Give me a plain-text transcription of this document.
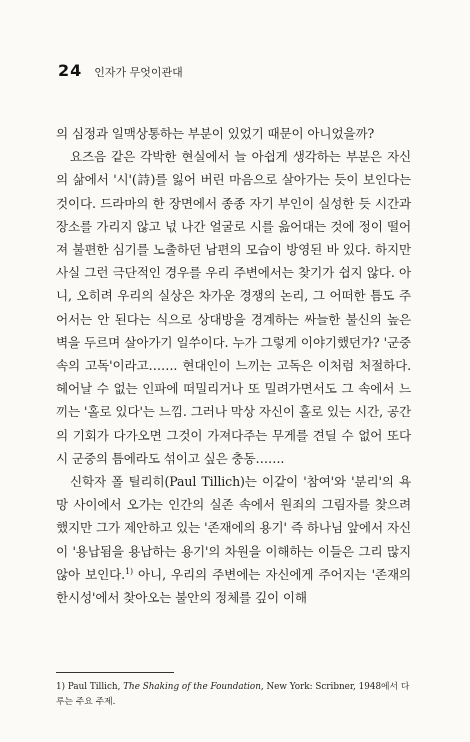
24 인자가 무엇이관대

의 심정과 일맥상통하는 부분이 있었기 때문이 아니었을까?

요즈음 같은 각박한 현실에서 늘 아쉽게 생각하는 부분은 자신의 삶에서 '시'(詩)를 잃어 버린 마음으로 살아가는 듯이 보인다는 것이다. 드라마의 한 장면에서 종종 자기 부인이 실성한 듯 시간과 장소를 가리지 않고 넋 나간 얼굴로 시를 읊어대는 것에 정이 떨어져 불편한 심기를 노출하던 남편의 모습이 방영된 바 있다. 하지만 사실 그런 극단적인 경우를 우리 주변에서는 찾기가 쉽지 않다. 아니, 오히려 우리의 실상은 차가운 경쟁의 논리, 그 어떠한 틈도 주어서는 안 된다는 식으로 상대방을 경계하는 싸늘한 불신의 높은 벽을 두르며 살아가기 일쑤이다. 누가 그렇게 이야기했던가? '군중 속의 고독'이라고……. 현대인이 느끼는 고독은 이처럼 처절하다. 헤어날 수 없는 인파에 떠밀리거나 또 밀려가면서도 그 속에서 느끼는 '홀로 있다'는 느낌. 그러나 막상 자신이 홀로 있는 시간, 공간의 기회가 다가오면 그것이 가져다주는 무게를 견딜 수 없어 또다시 군중의 틈에라도 섞이고 싶은 충동…….

신학자 폴 틸리히(Paul Tillich)는 이같이 '참여'와 '분리'의 욕망 사이에서 오가는 인간의 실존 속에서 원죄의 그림자를 찾으려 했지만 그가 제안하고 있는 '존재에의 용기' 즉 하나님 앞에서 자신이 '용납됨을 용납하는 용기'의 차원을 이해하는 이들은 그리 많지 않아 보인다.$^{1)}$ 아니, 우리의 주변에는 자신에게 주어지는 '존재의 한시성'에서 찾아오는 불안의 정체를 깊이 이해

1) Paul Tillich, The Shaking of the Foundation, New York: Scribner, 1948에서 다루는 주요 주제.
